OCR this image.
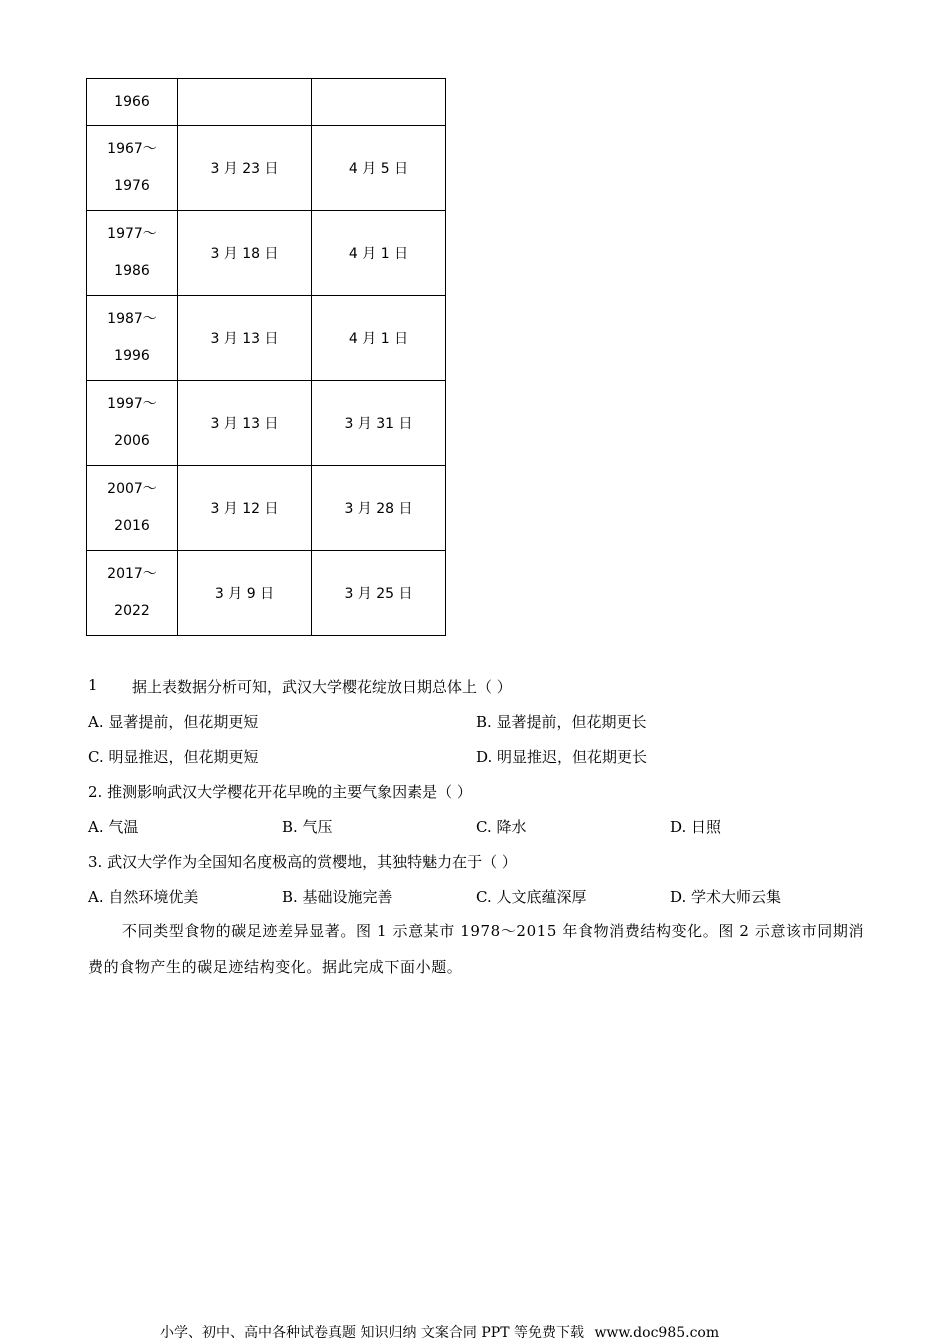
1966		

1967～
1976	3 月 23 日	4 月 5 日

1977～
1986	3 月 18 日	4 月 1 日

1987～
1996	3 月 13 日	4 月 1 日

1997～
2006	3 月 13 日	3 月 31 日

2007～
2016	3 月 12 日	3 月 28 日

2017～
2022	3 月 9 日	3 月 25 日
1 据上表数据分析可知，武汉大学樱花绽放日期总体上（ ）
A. 显著提前，但花期更短	B. 显著提前，但花期更长
C. 明显推迟，但花期更短	D. 明显推迟，但花期更长
2. 推测影响武汉大学樱花开花早晚的主要气象因素是（ ）
A. 气温	B. 气压	C. 降水	D. 日照
3. 武汉大学作为全国知名度极高的赏樱地，其独特魅力在于（ ）
A. 自然环境优美	B. 基础设施完善	C. 人文底蕴深厚	D. 学术大师云集
不同类型食物的碳足迹差异显著。图 1 示意某市 1978～2015 年食物消费结构变化。图 2 示意该市同期消费的食物产生的碳足迹结构变化。据此完成下面小题。
小学、初中、高中各种试卷真题 知识归纳 文案合同 PPT 等免费下载 www.doc985.com
